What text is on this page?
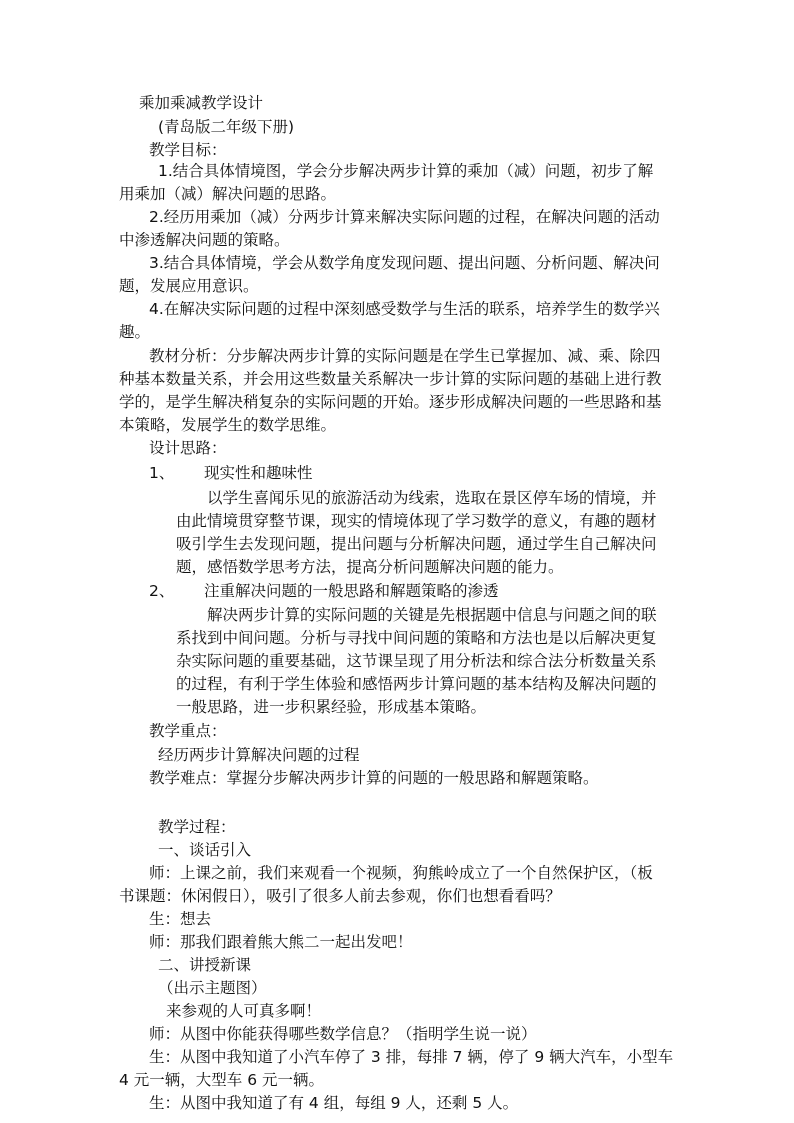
乘加乘减教学设计
(青岛版二年级下册)
教学目标：
1.结合具体情境图，学会分步解决两步计算的乘加（减）问题，初步了解
用乘加（减）解决问题的思路。
2.经历用乘加（减）分两步计算来解决实际问题的过程，在解决问题的活动
中渗透解决问题的策略。
3.结合具体情境，学会从数学角度发现问题、提出问题、分析问题、解决问
题，发展应用意识。
4.在解决实际问题的过程中深刻感受数学与生活的联系，培养学生的数学兴
趣。
教材分析：分步解决两步计算的实际问题是在学生已掌握加、减、乘、除四
种基本数量关系，并会用这些数量关系解决一步计算的实际问题的基础上进行教
学的，是学生解决稍复杂的实际问题的开始。逐步形成解决问题的一些思路和基
本策略，发展学生的数学思维。
设计思路：
1、 现实性和趣味性
以学生喜闻乐见的旅游活动为线索，选取在景区停车场的情境，并
由此情境贯穿整节课，现实的情境体现了学习数学的意义，有趣的题材
吸引学生去发现问题，提出问题与分析解决问题，通过学生自己解决问
题，感悟数学思考方法，提高分析问题解决问题的能力。
2、 注重解决问题的一般思路和解题策略的渗透
解决两步计算的实际问题的关键是先根据题中信息与问题之间的联
系找到中间问题。分析与寻找中间问题的策略和方法也是以后解决更复
杂实际问题的重要基础，这节课呈现了用分析法和综合法分析数量关系
的过程，有利于学生体验和感悟两步计算问题的基本结构及解决问题的
一般思路，进一步积累经验，形成基本策略。
教学重点：
经历两步计算解决问题的过程
教学难点：掌握分步解决两步计算的问题的一般思路和解题策略。
教学过程：
一、谈话引入
师：上课之前，我们来观看一个视频，狗熊岭成立了一个自然保护区，（板
书课题：休闲假日），吸引了很多人前去参观，你们也想看看吗？
生：想去
师：那我们跟着熊大熊二一起出发吧！
二、讲授新课
（出示主题图）
来参观的人可真多啊！
师：从图中你能获得哪些数学信息？（指明学生说一说）
生：从图中我知道了小汽车停了 3 排，每排 7 辆，停了 9 辆大汽车，小型车
4 元一辆，大型车 6 元一辆。
生：从图中我知道了有 4 组，每组 9 人，还剩 5 人。
